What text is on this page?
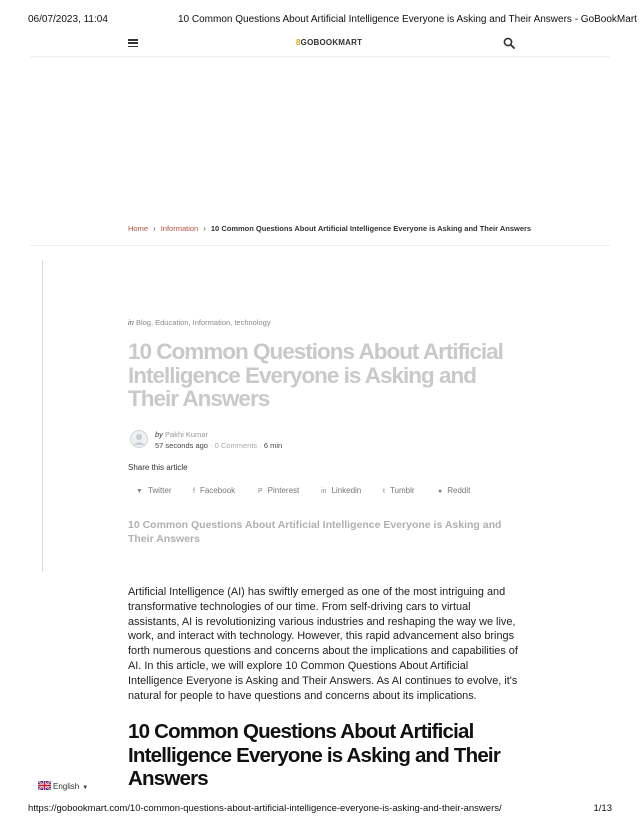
06/07/2023, 11:04	10 Common Questions About Artificial Intelligence Everyone is Asking and Their Answers - GoBookMart
8GOBOOKMART
Home › Information › 10 Common Questions About Artificial Intelligence Everyone is Asking and Their Answers
in Blog, Education, Information, technology
10 Common Questions About Artificial Intelligence Everyone is Asking and Their Answers
by Pakhi Kumar
57 seconds ago · 0 Comments · 6 min
Share this article
▼ Twitter	f Facebook	P Pinterest	in Linkedin	t Tumblr	● Reddit

10 Common Questions About Artificial Intelligence Everyone is Asking and Their Answers

Artificial Intelligence (AI) has swiftly emerged as one of the most intriguing and transformative technologies of our time. From self-driving cars to virtual assistants, AI is revolutionizing various industries and reshaping the way we live, work, and interact with technology. However, this rapid advancement also brings forth numerous questions and concerns about the implications and capabilities of AI. In this article, we will explore 10 Common Questions About Artificial Intelligence Everyone is Asking and Their Answers. As AI continues to evolve, it's natural for people to have questions and concerns about its implications.

10 Common Questions About Artificial Intelligence Everyone is Asking and Their Answers
English ▼
https://gobookmart.com/10-common-questions-about-artificial-intelligence-everyone-is-asking-and-their-answers/	1/13
